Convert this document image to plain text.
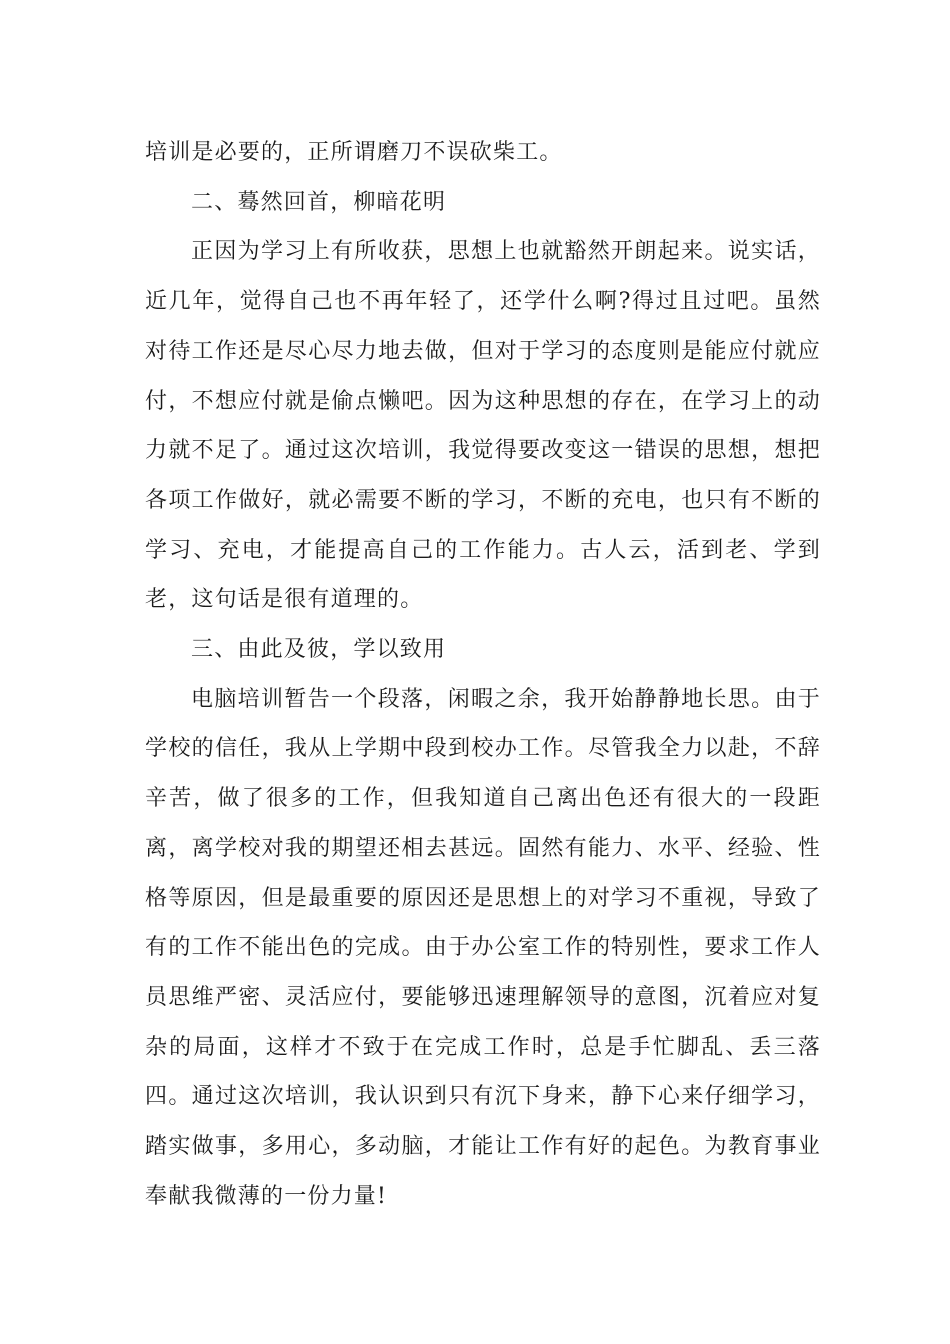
培训是必要的，正所谓磨刀不误砍柴工。

二、蓦然回首，柳暗花明

正因为学习上有所收获，思想上也就豁然开朗起来。说实话，近几年，觉得自己也不再年轻了，还学什么啊?得过且过吧。虽然对待工作还是尽心尽力地去做，但对于学习的态度则是能应付就应付，不想应付就是偷点懒吧。因为这种思想的存在，在学习上的动力就不足了。通过这次培训，我觉得要改变这一错误的思想，想把各项工作做好，就必需要不断的学习，不断的充电，也只有不断的学习、充电，才能提高自己的工作能力。古人云，活到老、学到老，这句话是很有道理的。

三、由此及彼，学以致用

电脑培训暂告一个段落，闲暇之余，我开始静静地长思。由于学校的信任，我从上学期中段到校办工作。尽管我全力以赴，不辞辛苦，做了很多的工作，但我知道自己离出色还有很大的一段距离，离学校对我的期望还相去甚远。固然有能力、水平、经验、性格等原因，但是最重要的原因还是思想上的对学习不重视，导致了有的工作不能出色的完成。由于办公室工作的特别性，要求工作人员思维严密、灵活应付，要能够迅速理解领导的意图，沉着应对复杂的局面，这样才不致于在完成工作时，总是手忙脚乱、丢三落四。通过这次培训，我认识到只有沉下身来，静下心来仔细学习，踏实做事，多用心，多动脑，才能让工作有好的起色。为教育事业奉献我微薄的一份力量!
